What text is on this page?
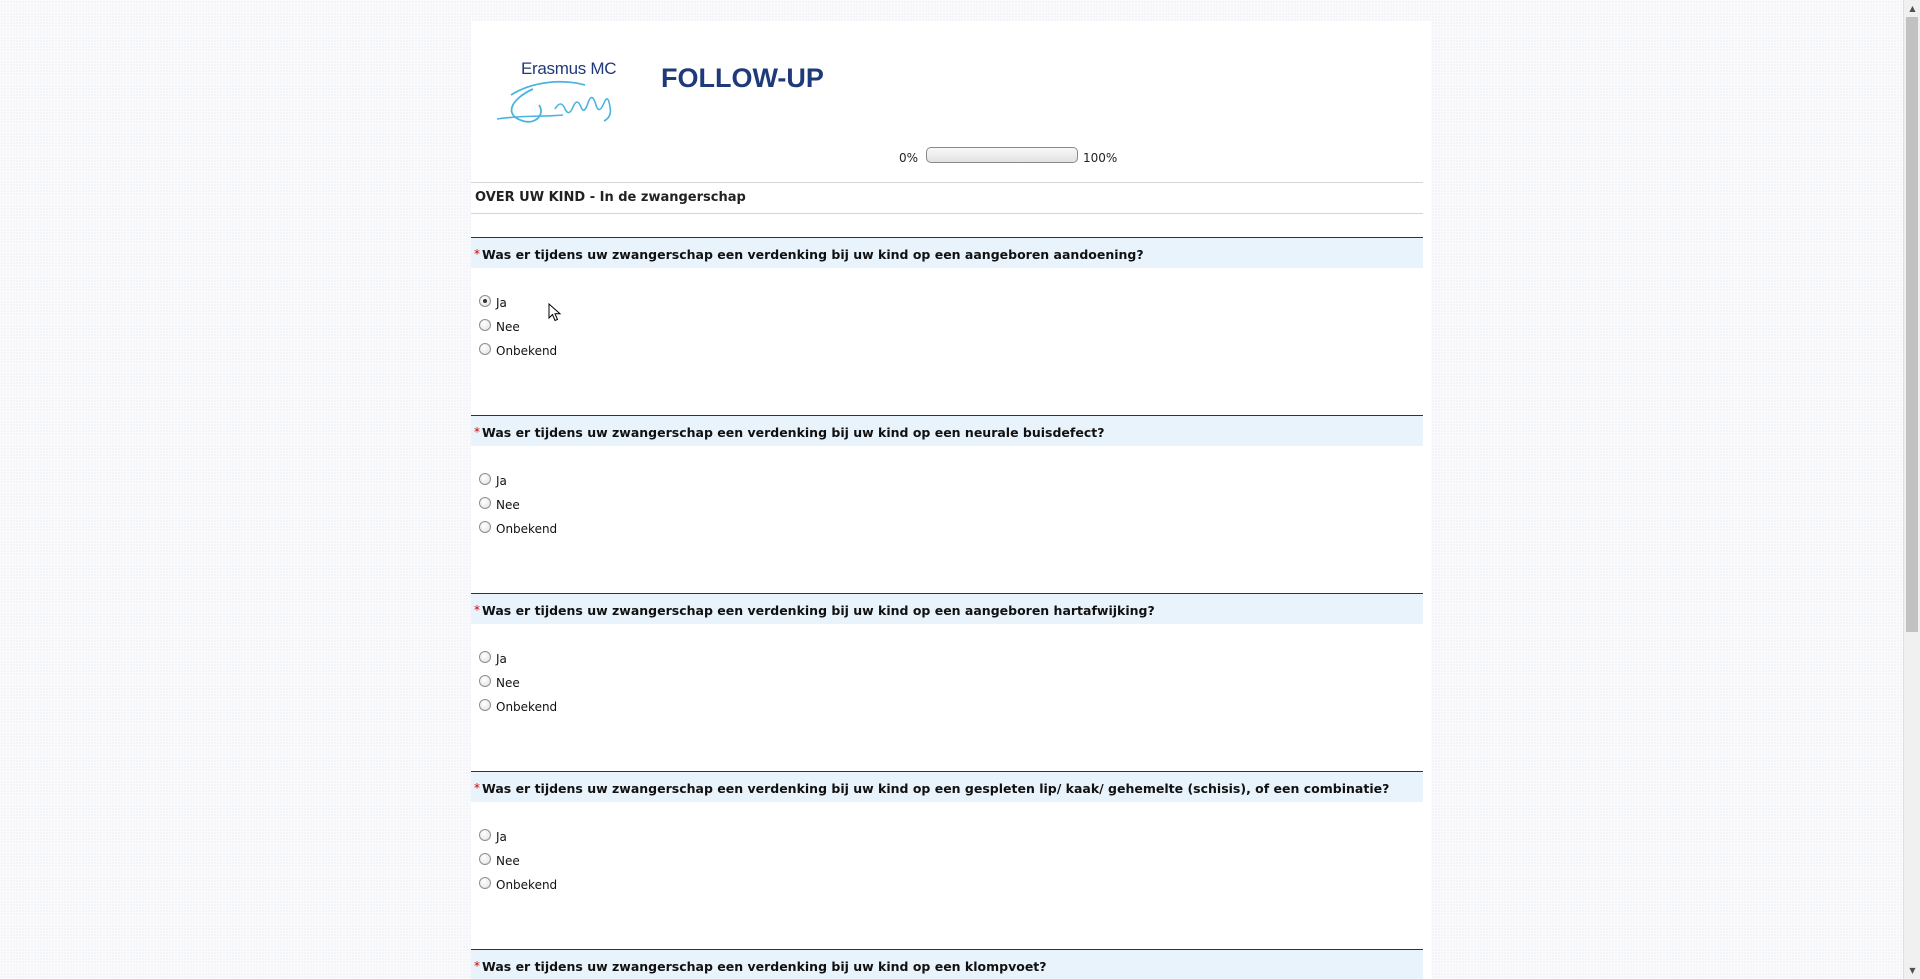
Erasmus MC FOLLOW-UP
0%	100%
OVER UW KIND - In de zwangerschap
* Was er tijdens uw zwangerschap een verdenking bij uw kind op een aangeboren aandoening?
Ja
Nee
Onbekend
* Was er tijdens uw zwangerschap een verdenking bij uw kind op een neurale buisdefect?
Ja
Nee
Onbekend
* Was er tijdens uw zwangerschap een verdenking bij uw kind op een aangeboren hartafwijking?
Ja
Nee
Onbekend
* Was er tijdens uw zwangerschap een verdenking bij uw kind op een gespleten lip/ kaak/ gehemelte (schisis), of een combinatie?
Ja
Nee
Onbekend
* Was er tijdens uw zwangerschap een verdenking bij uw kind op een klompvoet?
▲
▼
